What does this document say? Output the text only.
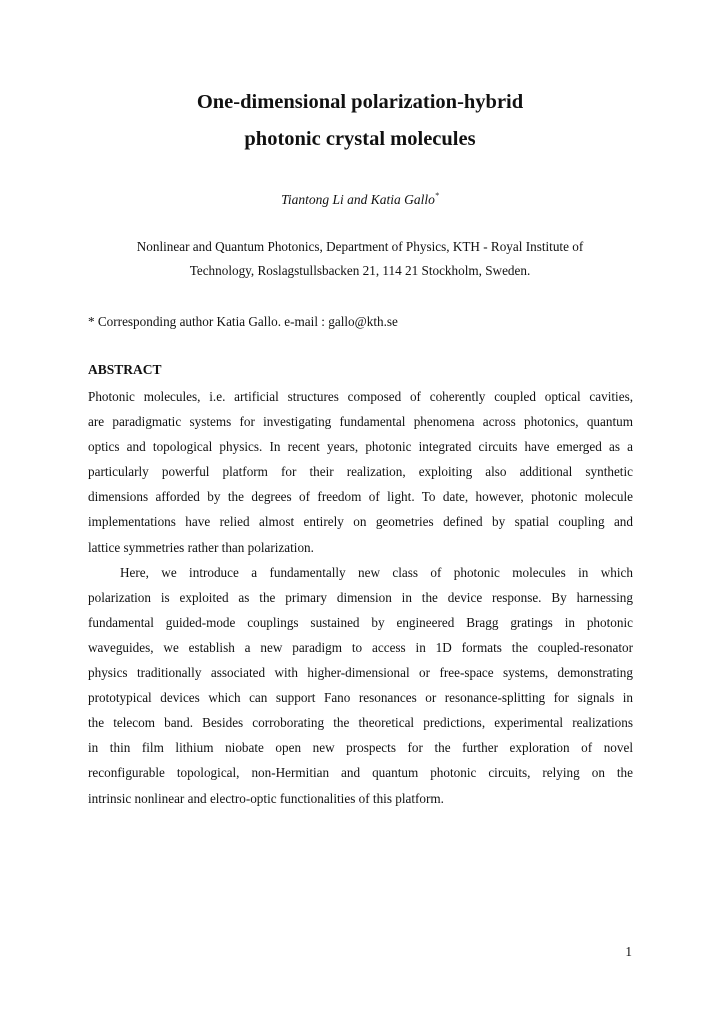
One-dimensional polarization-hybrid
photonic crystal molecules
Tiantong Li and Katia Gallo*
Nonlinear and Quantum Photonics, Department of Physics, KTH - Royal Institute of
Technology, Roslagstullsbacken 21, 114 21 Stockholm, Sweden.
* Corresponding author Katia Gallo. e-mail : gallo@kth.se
ABSTRACT
Photonic molecules, i.e. artificial structures composed of coherently coupled optical cavities,
are paradigmatic systems for investigating fundamental phenomena across photonics, quantum
optics and topological physics. In recent years, photonic integrated circuits have emerged as a
particularly powerful platform for their realization, exploiting also additional synthetic
dimensions afforded by the degrees of freedom of light. To date, however, photonic molecule
implementations have relied almost entirely on geometries defined by spatial coupling and
lattice symmetries rather than polarization.
Here, we introduce a fundamentally new class of photonic molecules in which
polarization is exploited as the primary dimension in the device response. By harnessing
fundamental guided-mode couplings sustained by engineered Bragg gratings in photonic
waveguides, we establish a new paradigm to access in 1D formats the coupled-resonator
physics traditionally associated with higher-dimensional or free-space systems, demonstrating
prototypical devices which can support Fano resonances or resonance-splitting for signals in
the telecom band. Besides corroborating the theoretical predictions, experimental realizations
in thin film lithium niobate open new prospects for the further exploration of novel
reconfigurable topological, non-Hermitian and quantum photonic circuits, relying on the
intrinsic nonlinear and electro-optic functionalities of this platform.
1
